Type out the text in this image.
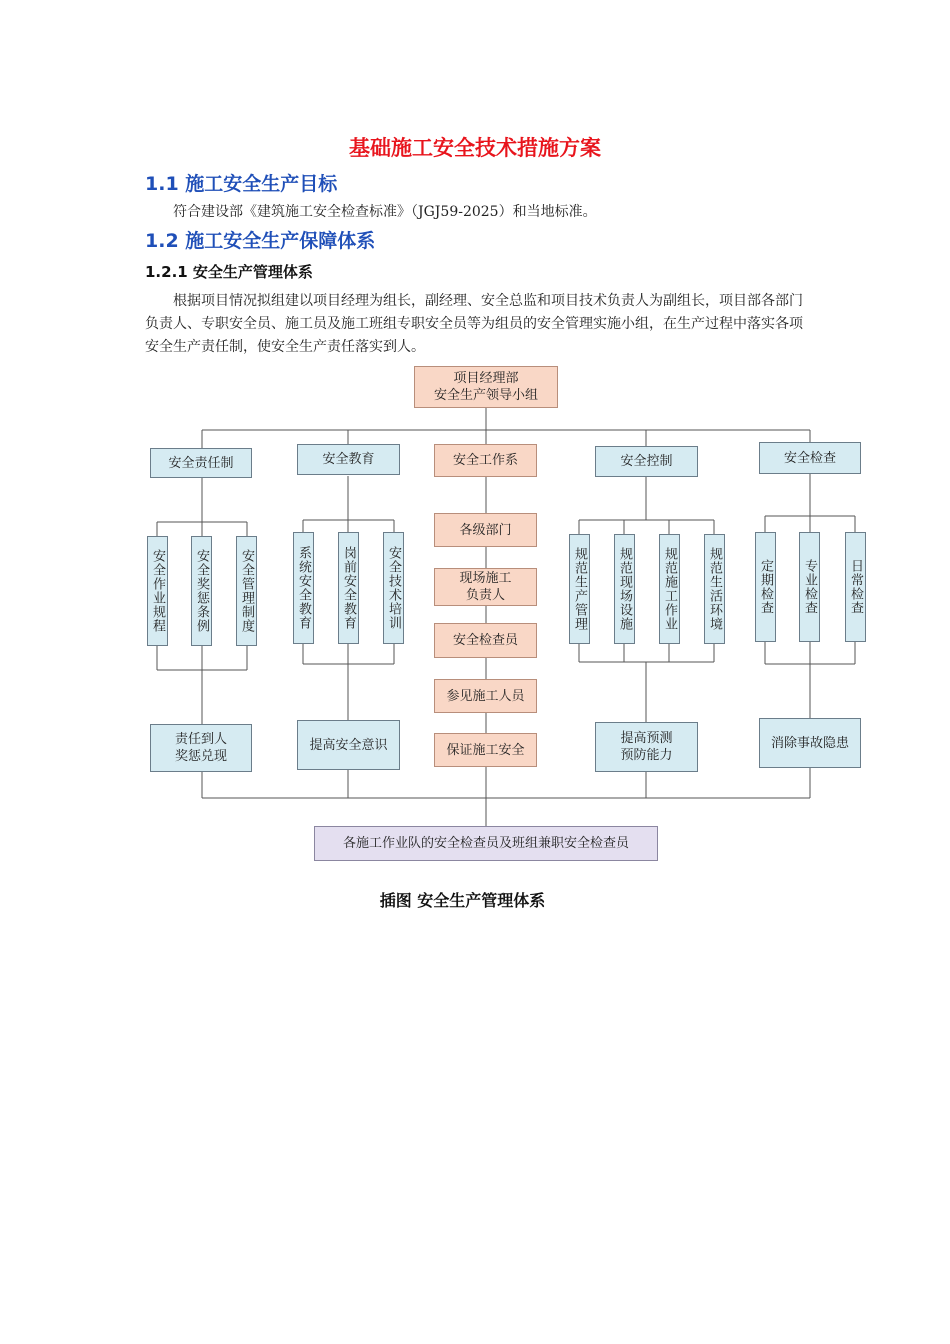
基础施工安全技术措施方案
1.1 施工安全生产目标
符合建设部《建筑施工安全检查标准》（JGJ59-2025）和当地标准。
1.2 施工安全生产保障体系
1.2.1 安全生产管理体系
根据项目情况拟组建以项目经理为组长，副经理、安全总监和项目技术负责人为副组长，项目部各部门负责人、专职安全员、施工员及施工班组专职安全员等为组员的安全管理实施小组，在生产过程中落实各项安全生产责任制，使安全生产责任落实到人。
项目经理部
安全生产领导小组
安全责任制	安全教育	安全工作系	安全控制	安全检查
安全作业规程 安全奖惩条例 安全管理制度	系统安全教育 岗前安全教育 安全技术培训
各级部门
现场施工
负责人
安全检查员
参见施工人员
保证施工安全
规范生产管理 规范现场设施 规范施工作业 规范生活环境	定期检查 专业检查 日常检查
责任到人
奖惩兑现
提高安全意识	提高预测
预防能力
消除事故隐患
各施工作业队的安全检查员及班组兼职安全检查员
插图 安全生产管理体系
